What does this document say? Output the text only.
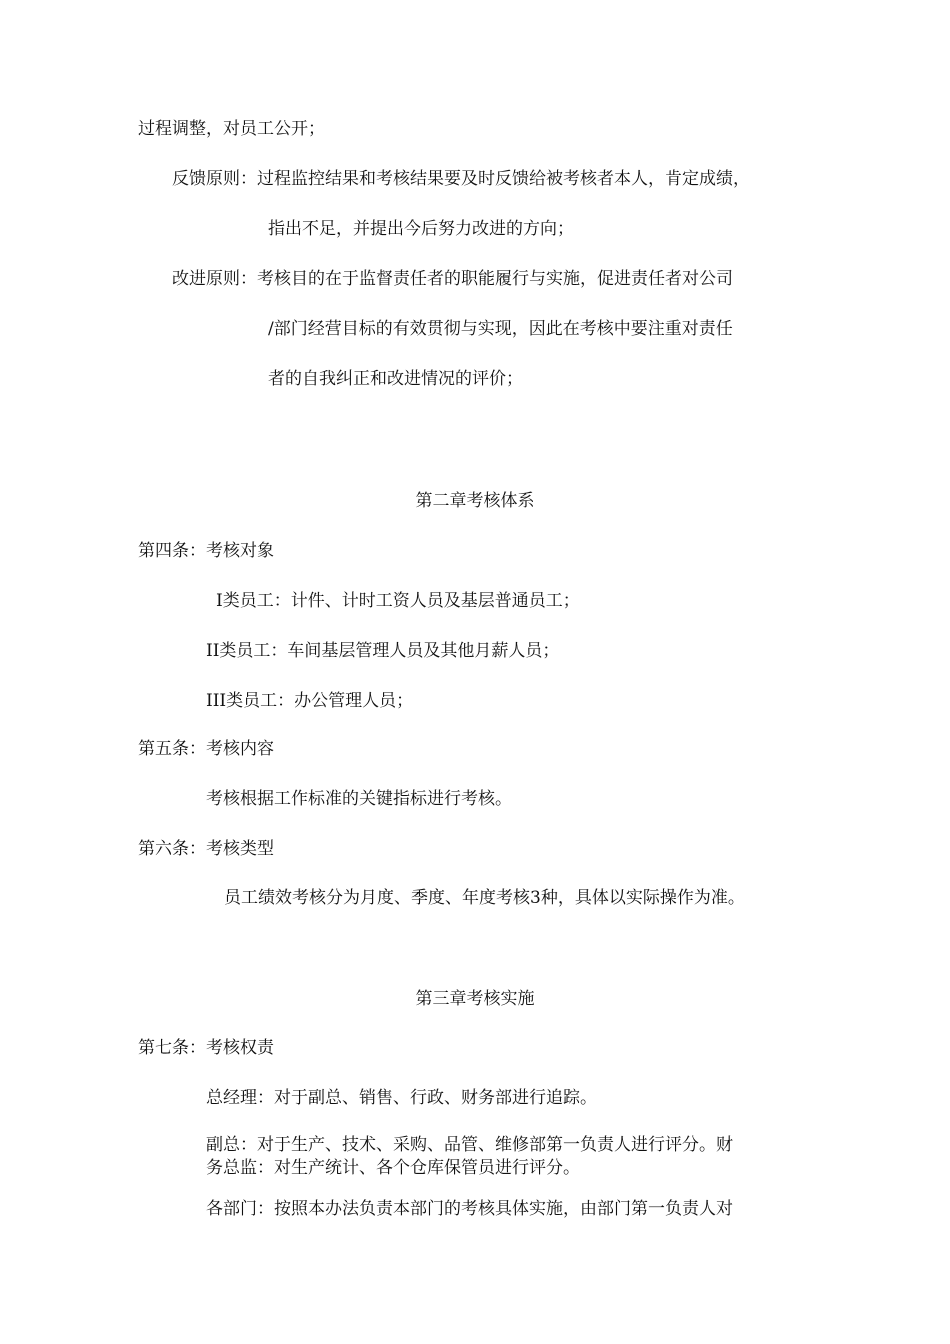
过程调整，对员工公开；
反馈原则：过程监控结果和考核结果要及时反馈给被考核者本人，肯定成绩，
指出不足，并提出今后努力改进的方向；
改进原则：考核目的在于监督责任者的职能履行与实施，促进责任者对公司
/部门经营目标的有效贯彻与实现，因此在考核中要注重对责任
者的自我纠正和改进情况的评价；
第二章考核体系
第四条：考核对象
I类员工：计件、计时工资人员及基层普通员工；
II类员工：车间基层管理人员及其他月薪人员；
III类员工：办公管理人员；
第五条：考核内容
考核根据工作标准的关键指标进行考核。
第六条：考核类型
员工绩效考核分为月度、季度、年度考核3种，具体以实际操作为准。
第三章考核实施
第七条：考核权责
总经理：对于副总、销售、行政、财务部进行追踪。
副总：对于生产、技术、采购、品管、维修部第一负责人进行评分。财
务总监：对生产统计、各个仓库保管员进行评分。
各部门：按照本办法负责本部门的考核具体实施，由部门第一负责人对
